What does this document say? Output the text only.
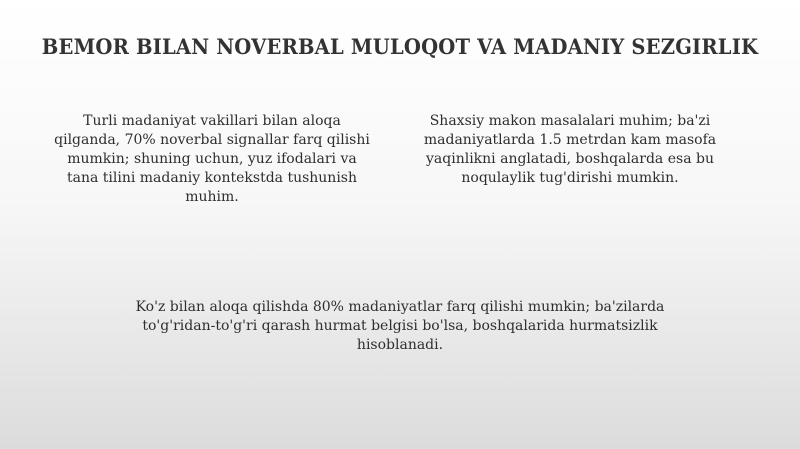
BEMOR BILAN NOVERBAL MULOQOT VA MADANIY SEZGIRLIK
Turli madaniyat vakillari bilan aloqa qilganda, 70% noverbal signallar farq qilishi mumkin; shuning uchun, yuz ifodalari va tana tilini madaniy kontekstda tushunish muhim.
Shaxsiy makon masalalari muhim; ba'zi madaniyatlarda 1.5 metrdan kam masofa yaqinlikni anglatadi, boshqalarda esa bu noqulaylik tug'dirishi mumkin.
Ko'z bilan aloqa qilishda 80% madaniyatlar farq qilishi mumkin; ba'zilarda to'g'ridan-to'g'ri qarash hurmat belgisi bo'lsa, boshqalarida hurmatsizlik hisoblanadi.
